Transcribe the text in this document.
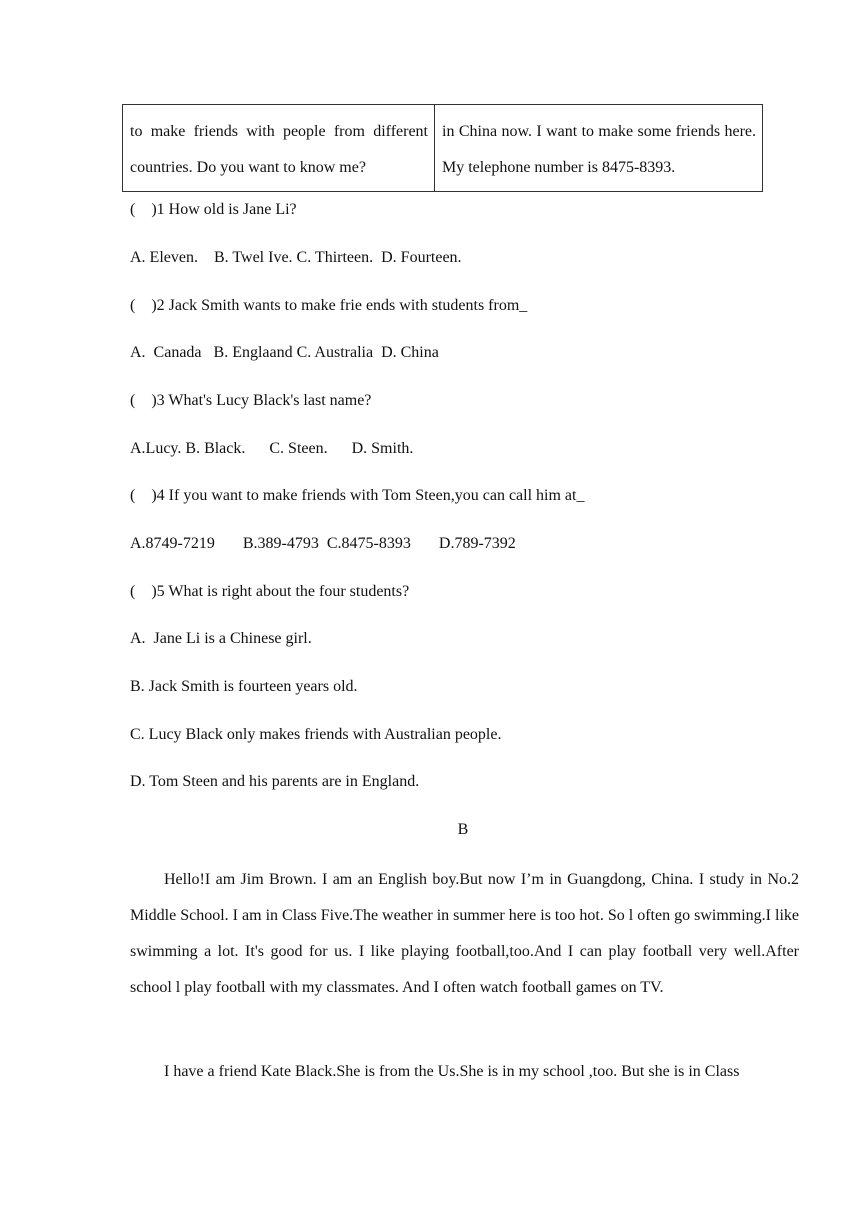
to make friends with people from different countries. Do you want to know me?	in China now. I want to make some friends here. My telephone number is 8475-8393.
(    )1 How old is Jane Li?
A. Eleven.    B. Twel Ive. C. Thirteen.  D. Fourteen.
(    )2 Jack Smith wants to make frie ends with students from_
A.  Canada   B. Englaand C. Australia  D. China
(    )3 What's Lucy Black's last name?
A.Lucy. B. Black.      C. Steen.      D. Smith.
(    )4 If you want to make friends with Tom Steen,you can call him at_
A.8749-7219       B.389-4793  C.8475-8393       D.789-7392
(    )5 What is right about the four students?
A.  Jane Li is a Chinese girl.
B. Jack Smith is fourteen years old.
C. Lucy Black only makes friends with Australian people.
D. Tom Steen and his parents are in England.
B
Hello!I am Jim Brown. I am an English boy.But now I’m in Guangdong, China. I study in No.2 Middle School. I am in Class Five.The weather in summer here is too hot. So l often go swimming.I like swimming a lot. It's good for us. I like playing football,too.And I can play football very well.After school l play football with my classmates. And I often watch football games on TV.
I have a friend Kate Black.She is from the Us.She is in my school ,too. But she is in Class
